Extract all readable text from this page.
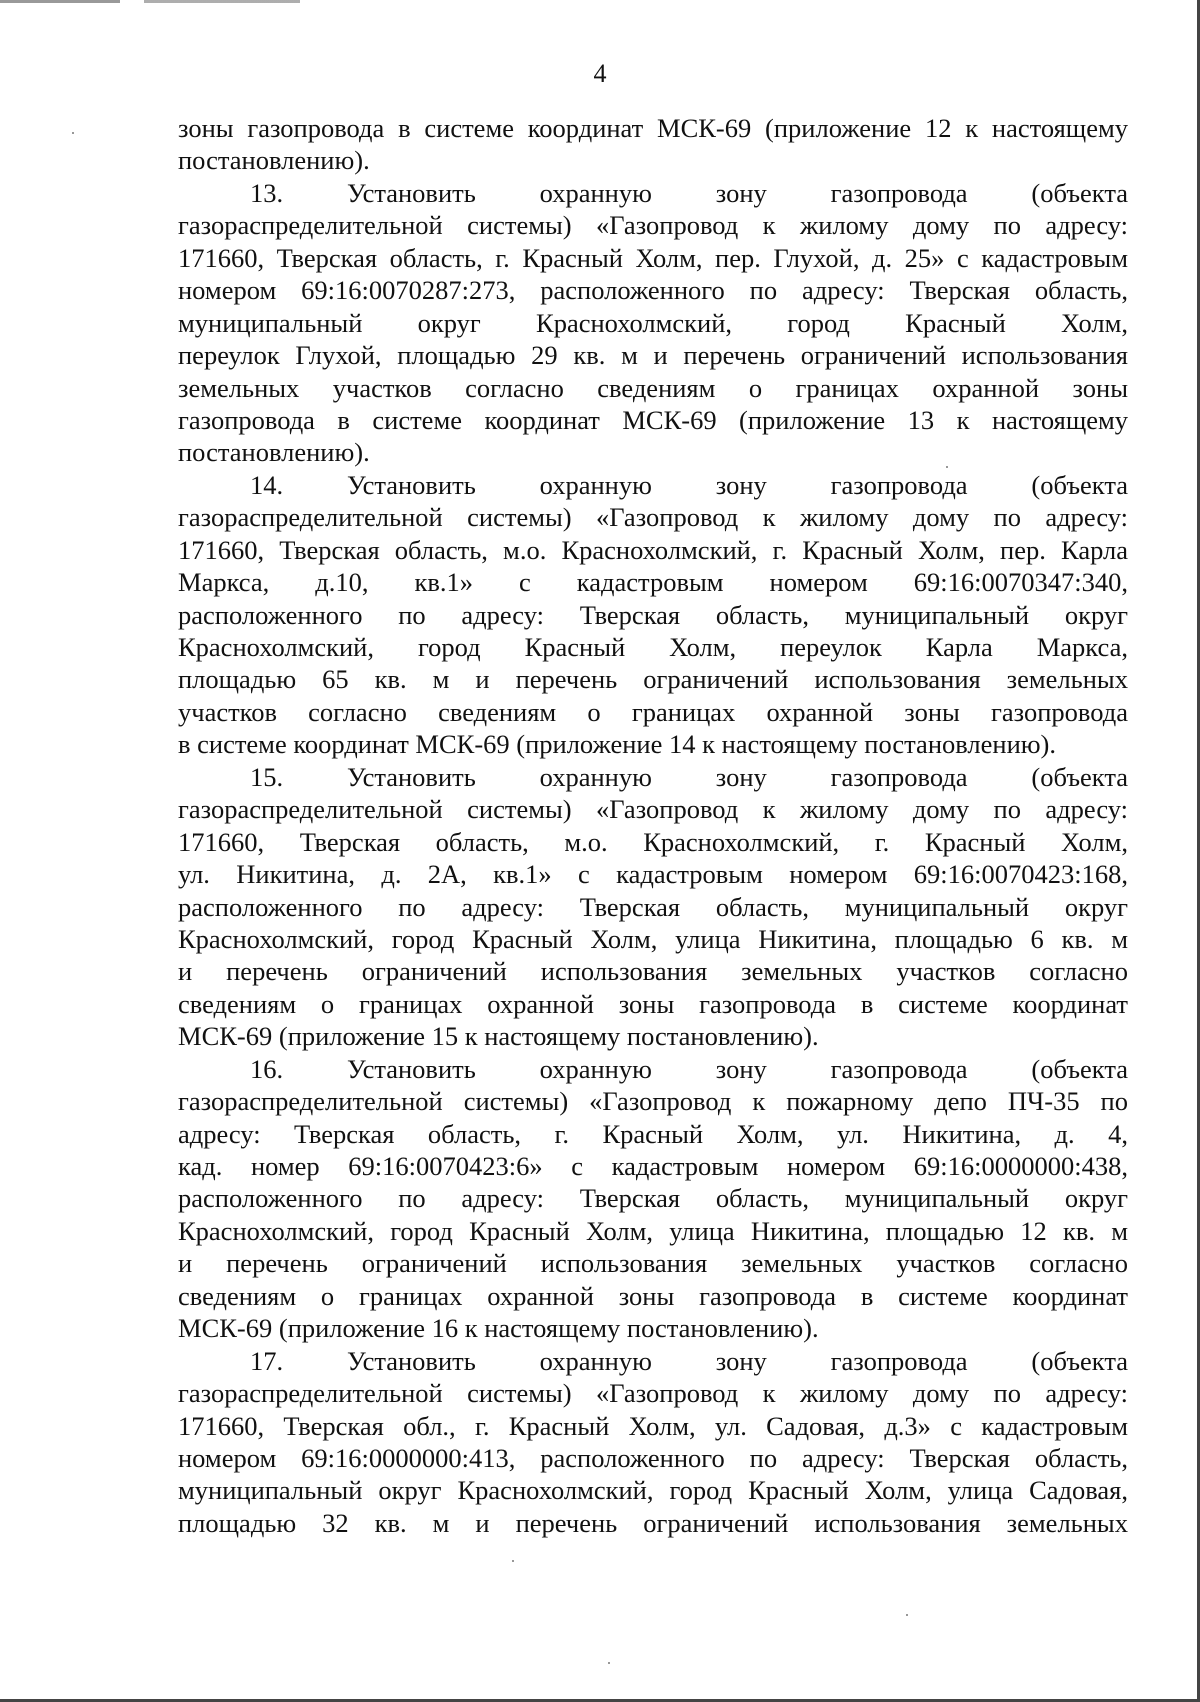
4
зоны газопровода в системе координат МСК-69 (приложение 12 к настоящему
постановлению).
13. Установить охранную зону газопровода (объекта
газораспределительной системы) «Газопровод к жилому дому по адресу:
171660, Тверская область, г. Красный Холм, пер. Глухой, д. 25» с кадастровым
номером 69:16:0070287:273, расположенного по адресу: Тверская область,
муниципальный округ Краснохолмский, город Красный Холм,
переулок Глухой, площадью 29 кв. м и перечень ограничений использования
земельных участков согласно сведениям о границах охранной зоны
газопровода в системе координат МСК-69 (приложение 13 к настоящему
постановлению).
14. Установить охранную зону газопровода (объекта
газораспределительной системы) «Газопровод к жилому дому по адресу:
171660, Тверская область, м.о. Краснохолмский, г. Красный Холм, пер. Карла
Маркса, д.10, кв.1» с кадастровым номером 69:16:0070347:340,
расположенного по адресу: Тверская область, муниципальный округ
Краснохолмский, город Красный Холм, переулок Карла Маркса,
площадью 65 кв. м и перечень ограничений использования земельных
участков согласно сведениям о границах охранной зоны газопровода
в системе координат МСК-69 (приложение 14 к настоящему постановлению).
15. Установить охранную зону газопровода (объекта
газораспределительной системы) «Газопровод к жилому дому по адресу:
171660, Тверская область, м.о. Краснохолмский, г. Красный Холм,
ул. Никитина, д. 2А, кв.1» с кадастровым номером 69:16:0070423:168,
расположенного по адресу: Тверская область, муниципальный округ
Краснохолмский, город Красный Холм, улица Никитина, площадью 6 кв. м
и перечень ограничений использования земельных участков согласно
сведениям о границах охранной зоны газопровода в системе координат
МСК-69 (приложение 15 к настоящему постановлению).
16. Установить охранную зону газопровода (объекта
газораспределительной системы) «Газопровод к пожарному депо ПЧ-35 по
адресу: Тверская область, г. Красный Холм, ул. Никитина, д. 4,
кад. номер 69:16:0070423:6» с кадастровым номером 69:16:0000000:438,
расположенного по адресу: Тверская область, муниципальный округ
Краснохолмский, город Красный Холм, улица Никитина, площадью 12 кв. м
и перечень ограничений использования земельных участков согласно
сведениям о границах охранной зоны газопровода в системе координат
МСК-69 (приложение 16 к настоящему постановлению).
17. Установить охранную зону газопровода (объекта
газораспределительной системы) «Газопровод к жилому дому по адресу:
171660, Тверская обл., г. Красный Холм, ул. Садовая, д.3» с кадастровым
номером 69:16:0000000:413, расположенного по адресу: Тверская область,
муниципальный округ Краснохолмский, город Красный Холм, улица Садовая,
площадью 32 кв. м и перечень ограничений использования земельных
